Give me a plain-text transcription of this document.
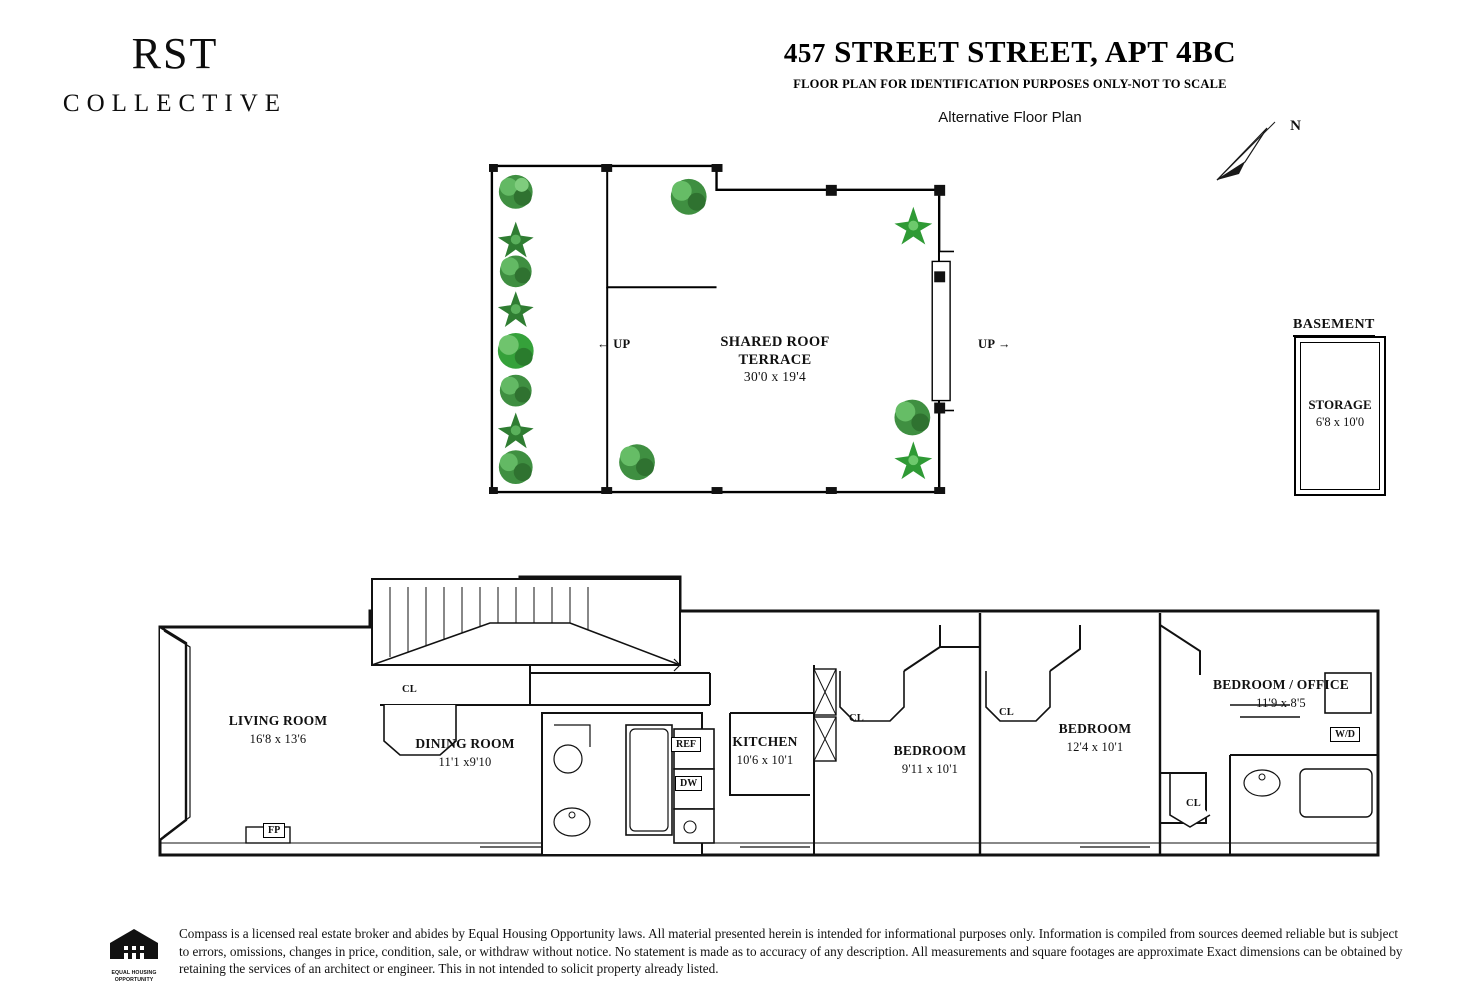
RST
COLLECTIVE
457 STREET STREET, APT 4BC
FLOOR PLAN FOR IDENTIFICATION PURPOSES ONLY-NOT TO SCALE
Alternative Floor Plan	N
BASEMENT
STORAGE
6'8 x 10'0
SHARED ROOF
TERRACE
30'0 x 19'4
← UP	UP →
LIVING ROOM
16'8 x 13'6	DINING ROOM
11'1 x9'10
KITCHEN
10'6 x 10'1
BEDROOM
9'11 x 10'1
BEDROOM
12'4 x 10'1
BEDROOM / OFFICE
11'9 x 8'5
CL
CL
CL
CL
REF
DW
FP
W/D
EQUAL HOUSING
OPPORTUNITY
Compass is a licensed real estate broker and abides by Equal Housing Opportunity laws. All material presented herein is intended for informational purposes only. Information is compiled from sources deemed reliable but is subject to errors, omissions, changes in price, condition, sale, or withdraw without notice. No statement is made as to accuracy of any description. All measurements and square footages are approximate Exact dimensions can be obtained by retaining the services of an architect or engineer. This in not intended to solicit property already listed.
